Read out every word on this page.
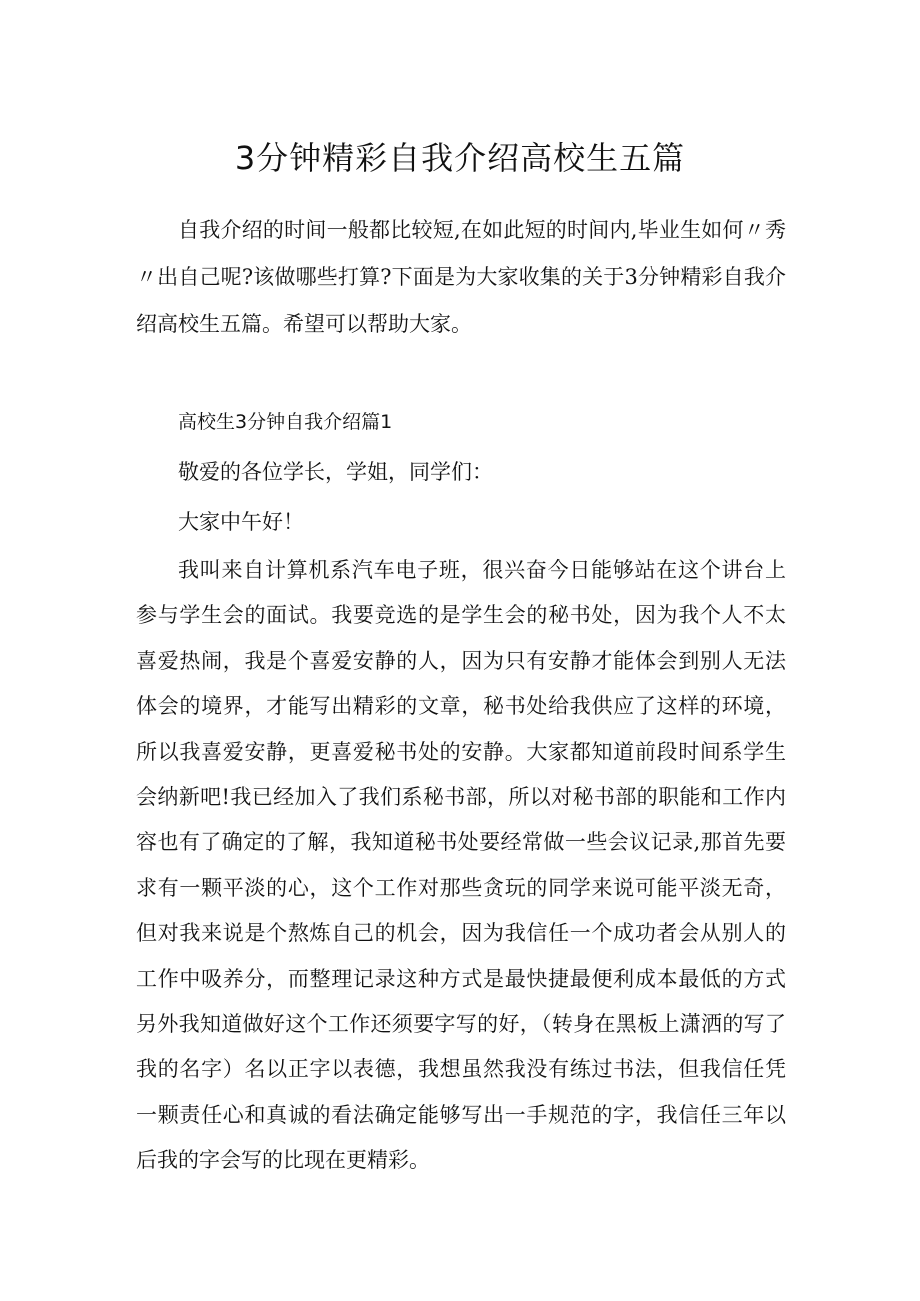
3分钟精彩自我介绍高校生五篇

自我介绍的时间一般都比较短,在如此短的时间内,毕业生如何〃秀〃出自己呢?该做哪些打算?下面是为大家收集的关于3分钟精彩自我介绍高校生五篇。希望可以帮助大家。

高校生3分钟自我介绍篇1

敬爱的各位学长，学姐，同学们：

大家中午好！

我叫来自计算机系汽车电子班，很兴奋今日能够站在这个讲台上参与学生会的面试。我要竞选的是学生会的秘书处，因为我个人不太喜爱热闹，我是个喜爱安静的人，因为只有安静才能体会到别人无法体会的境界，才能写出精彩的文章，秘书处给我供应了这样的环境，所以我喜爱安静，更喜爱秘书处的安静。大家都知道前段时间系学生会纳新吧!我已经加入了我们系秘书部，所以对秘书部的职能和工作内容也有了确定的了解，我知道秘书处要经常做一些会议记录,那首先要求有一颗平淡的心，这个工作对那些贪玩的同学来说可能平淡无奇，但对我来说是个熬炼自己的机会，因为我信任一个成功者会从别人的工作中吸养分，而整理记录这种方式是最快捷最便利成本最低的方式另外我知道做好这个工作还须要字写的好，（转身在黑板上潇洒的写了我的名字）名以正字以表德，我想虽然我没有练过书法，但我信任凭一颗责任心和真诚的看法确定能够写出一手规范的字，我信任三年以后我的字会写的比现在更精彩。
